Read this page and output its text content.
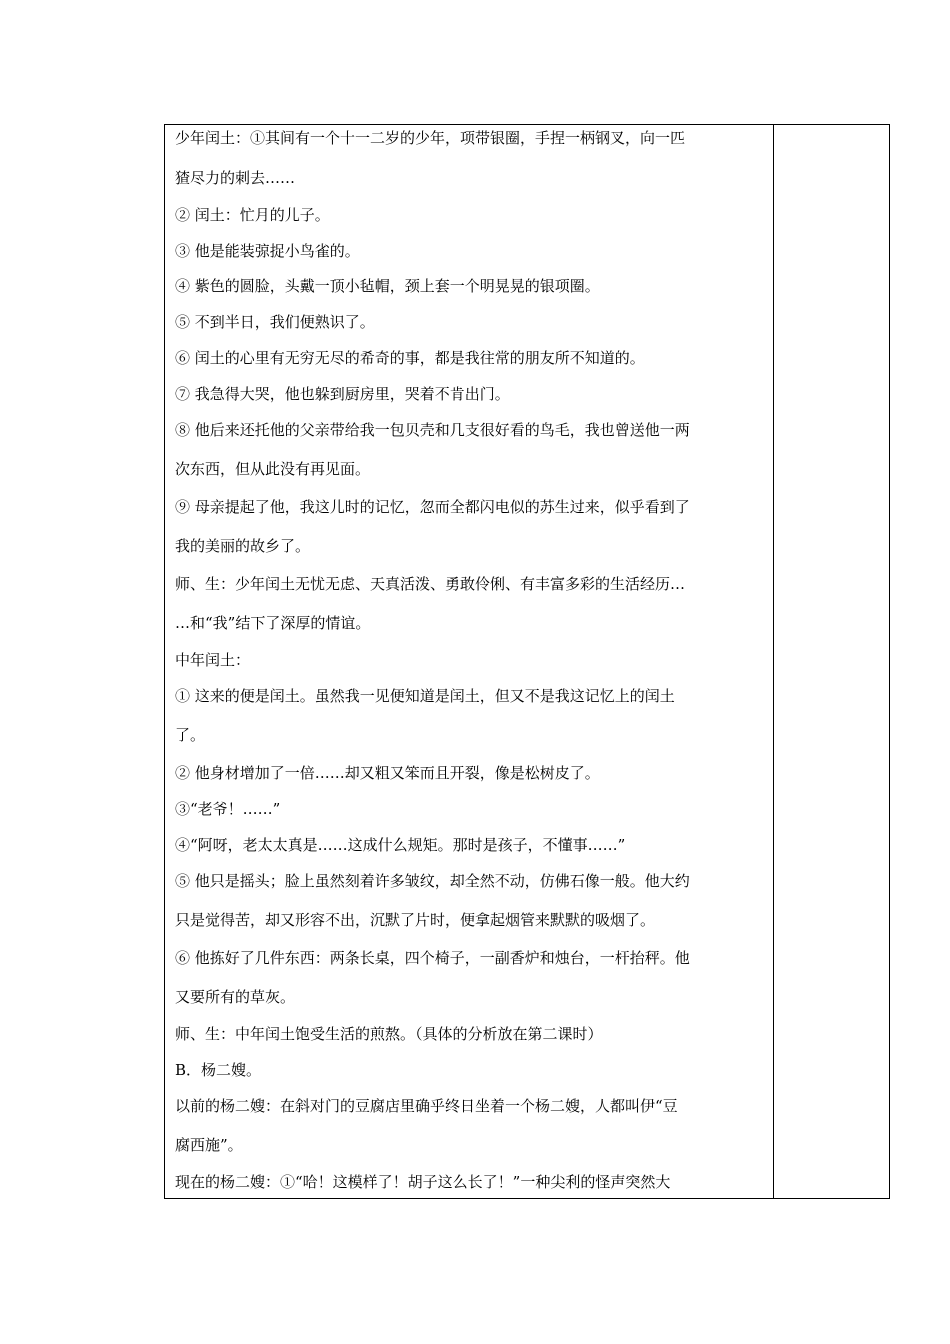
少年闰土：①其间有一个十一二岁的少年，项带银圈，手捏一柄钢叉，向一匹
猹尽力的刺去……
② 闰土：忙月的儿子。
③ 他是能装弶捉小鸟雀的。
④ 紫色的圆脸，头戴一顶小毡帽，颈上套一个明晃晃的银项圈。
⑤ 不到半日，我们便熟识了。
⑥ 闰土的心里有无穷无尽的希奇的事，都是我往常的朋友所不知道的。
⑦ 我急得大哭，他也躲到厨房里，哭着不肯出门。
⑧ 他后来还托他的父亲带给我一包贝壳和几支很好看的鸟毛，我也曾送他一两
次东西，但从此没有再见面。
⑨ 母亲提起了他，我这儿时的记忆，忽而全都闪电似的苏生过来，似乎看到了
我的美丽的故乡了。
师、生：少年闰土无忧无虑、天真活泼、勇敢伶俐、有丰富多彩的生活经历…
…和“我”结下了深厚的情谊。
中年闰土：
① 这来的便是闰土。虽然我一见便知道是闰土，但又不是我这记忆上的闰土
了。
② 他身材增加了一倍……却又粗又笨而且开裂，像是松树皮了。
③“老爷！……”
④“阿呀，老太太真是……这成什么规矩。那时是孩子，不懂事……”
⑤ 他只是摇头；脸上虽然刻着许多皱纹，却全然不动，仿佛石像一般。他大约
只是觉得苦，却又形容不出，沉默了片时，便拿起烟管来默默的吸烟了。
⑥ 他拣好了几件东西：两条长桌，四个椅子，一副香炉和烛台，一杆抬秤。他
又要所有的草灰。
师、生：中年闰土饱受生活的煎熬。（具体的分析放在第二课时）
B．杨二嫂。
以前的杨二嫂：在斜对门的豆腐店里确乎终日坐着一个杨二嫂，人都叫伊“豆
腐西施”。
现在的杨二嫂：①“哈！这模样了！胡子这么长了！”一种尖利的怪声突然大
